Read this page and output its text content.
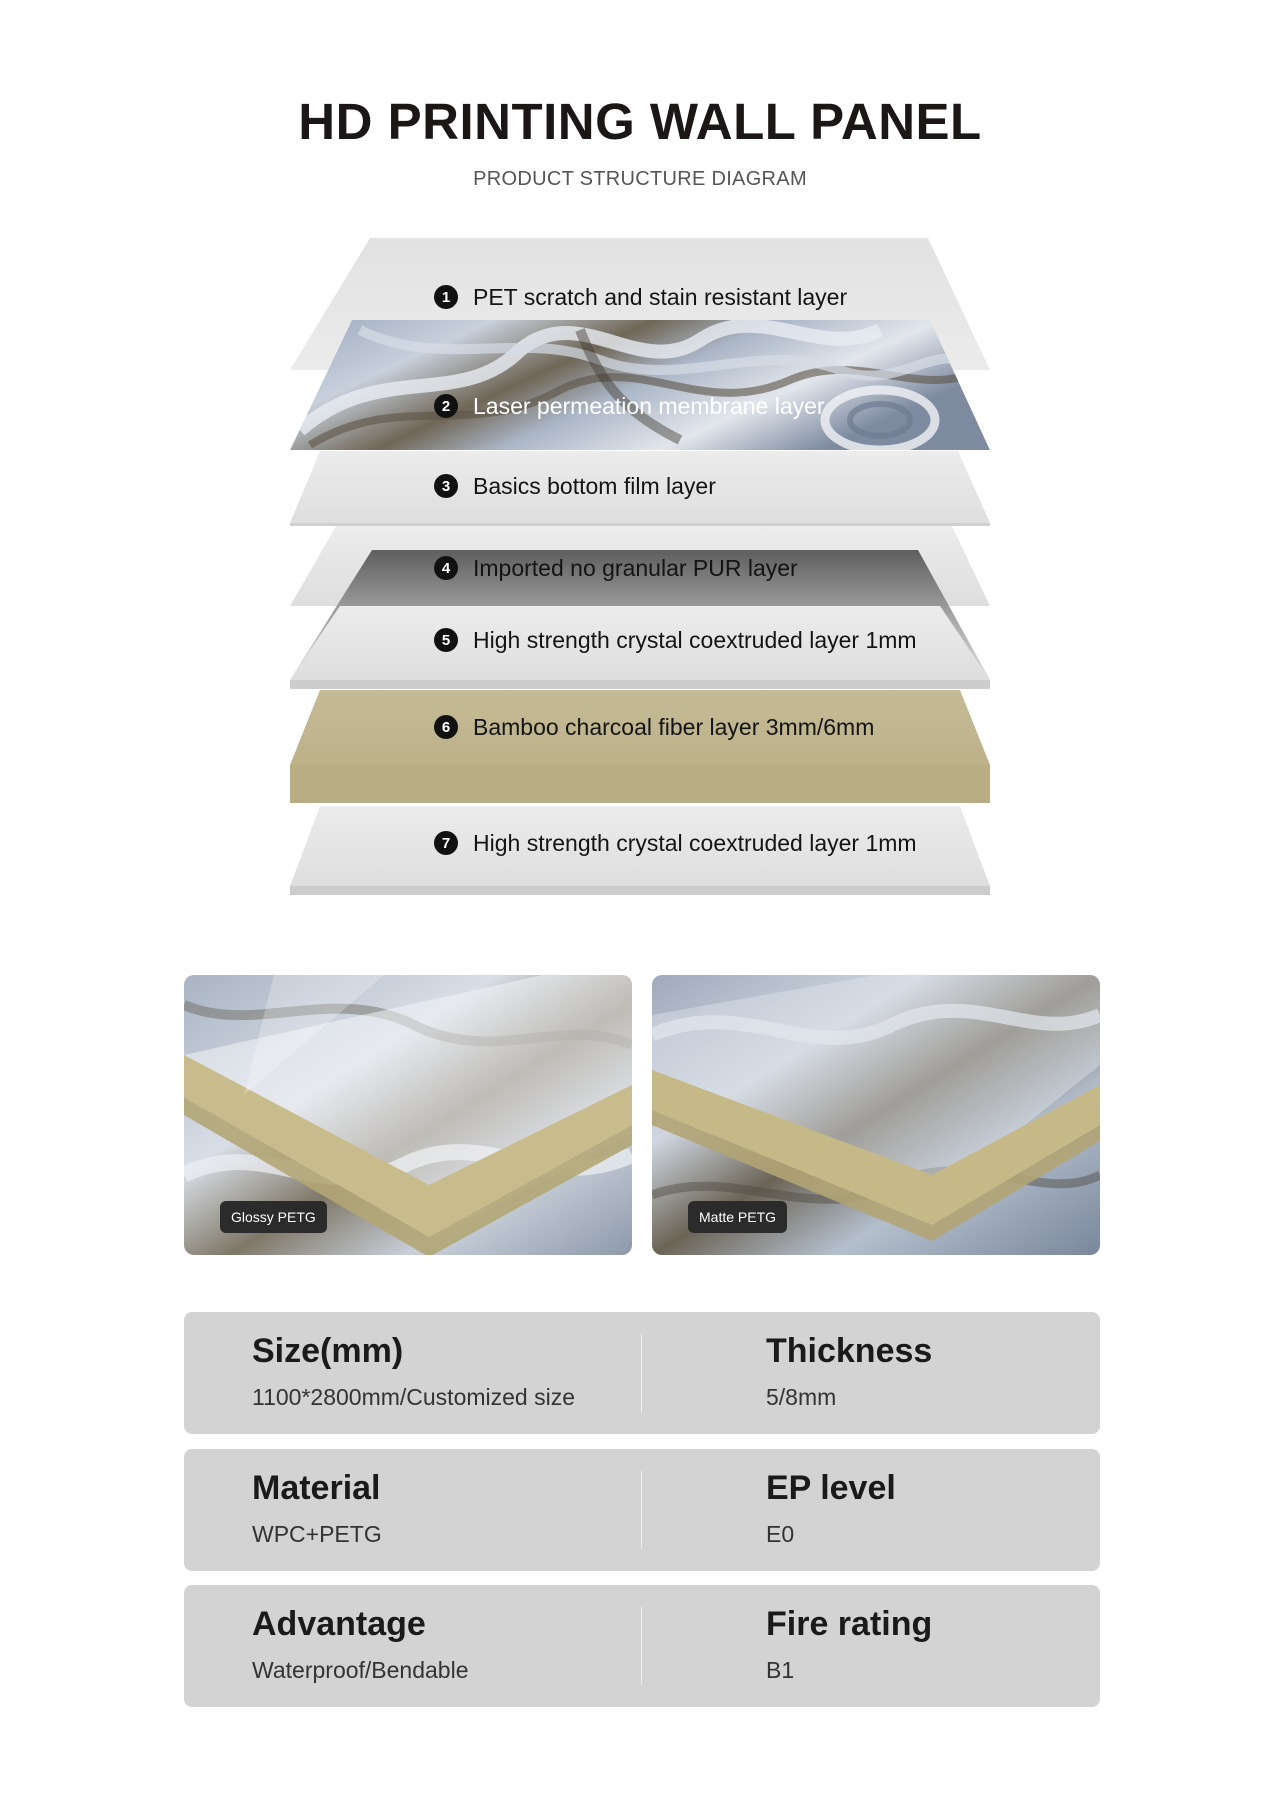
HD PRINTING WALL PANEL
PRODUCT STRUCTURE DIAGRAM
1 PET scratch and stain resistant layer
2 Laser permeation membrane layer
3 Basics bottom film layer
4 Imported no granular PUR layer
5 High strength crystal coextruded layer 1mm
6 Bamboo charcoal fiber layer 3mm/6mm
7 High strength crystal coextruded layer 1mm
Glossy PETG	Matte PETG
Size(mm)
1100*2800mm/Customized size
Thickness
5/8mm
Material
WPC+PETG
EP level
E0
Advantage
Waterproof/Bendable
Fire rating
B1
